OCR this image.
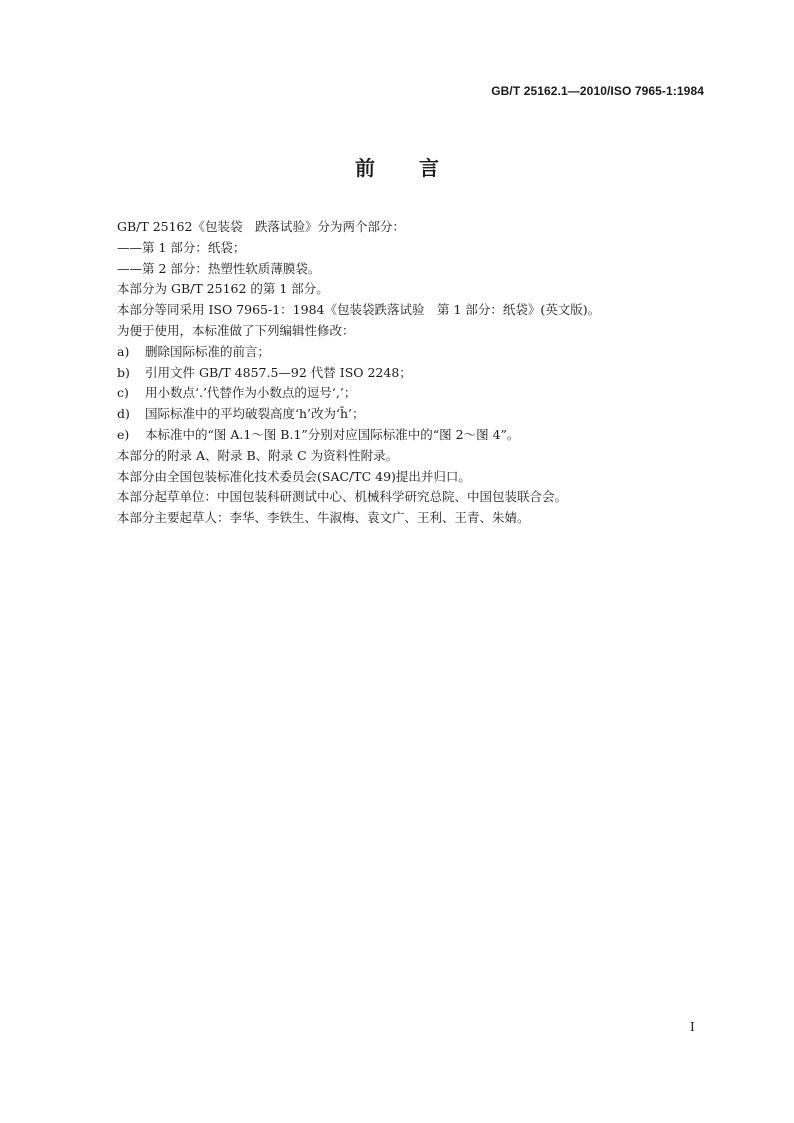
GB/T 25162.1—2010/ISO 7965-1:1984
前 言
GB/T 25162《包装袋　跌落试验》分为两个部分：
——第 1 部分：纸袋；
——第 2 部分：热塑性软质薄膜袋。
本部分为 GB/T 25162 的第 1 部分。
本部分等同采用 ISO 7965-1：1984《包装袋跌落试验　第 1 部分：纸袋》(英文版)。
为便于使用，本标准做了下列编辑性修改：
a) 删除国际标准的前言；
b) 引用文件 GB/T 4857.5—92 代替 ISO 2248；
c) 用小数点‘.’代替作为小数点的逗号‘,’；
d) 国际标准中的平均破裂高度‘h’改为‘h̄’；
e) 本标准中的“图 A.1～图 B.1”分别对应国际标准中的“图 2～图 4”。
本部分的附录 A、附录 B、附录 C 为资料性附录。
本部分由全国包装标准化技术委员会(SAC/TC 49)提出并归口。
本部分起草单位：中国包装科研测试中心、机械科学研究总院、中国包装联合会。
本部分主要起草人：李华、李铁生、牛淑梅、袁文广、王利、王青、朱婧。
I
